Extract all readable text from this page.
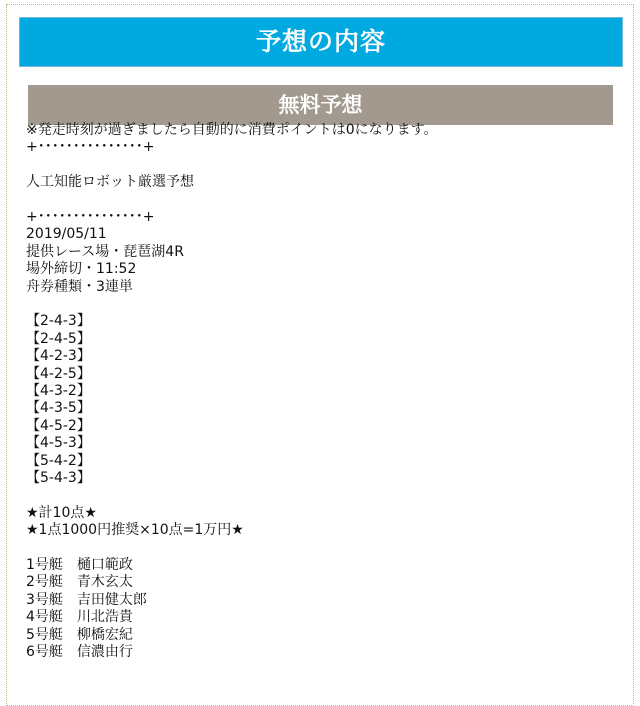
予想の内容
無料予想
※発走時刻が過ぎましたら自動的に消費ポイントは0になります。
+･･･････････････+
人工知能ロボット厳選予想
+･･･････････････+
2019/05/11
提供レース場・琵琶湖4R
場外締切・11:52
舟券種類・3連単
【2-4-3】
【2-4-5】
【4-2-3】
【4-2-5】
【4-3-2】
【4-3-5】
【4-5-2】
【4-5-3】
【5-4-2】
【5-4-3】
★計10点★
★1点1000円推奨×10点=1万円★
1号艇　樋口範政
2号艇　青木玄太
3号艇　吉田健太郎
4号艇　川北浩貴
5号艇　柳橋宏紀
6号艇　信濃由行
